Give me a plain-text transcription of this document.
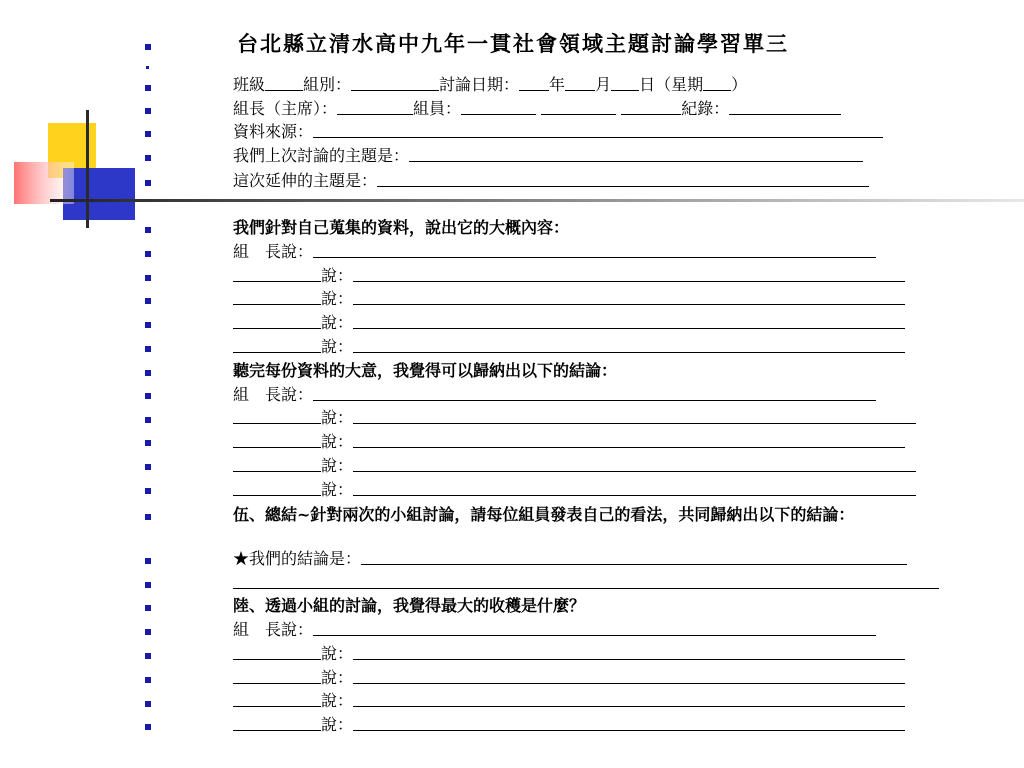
台北縣立清水高中九年一貫社會領域主題討論學習單三
班級 組別：	討論日期： 年 月 日（星期 ）
組長（主席）：	組員：	紀錄：
資料來源：
我們上次討論的主題是：
這次延伸的主題是：
我們針對自己蒐集的資料，說出它的大概內容：
組　長說：
說：
說：
說：
說：
聽完每份資料的大意，我覺得可以歸納出以下的結論：
組　長說：
說：
說：
說：
說：
伍、總結~針對兩次的小組討論，請每位組員發表自己的看法，共同歸納出以下的結論：
★我們的結論是：
陸、透過小組的討論，我覺得最大的收穫是什麼？
組　長說：
說：
說：
說：
說：
